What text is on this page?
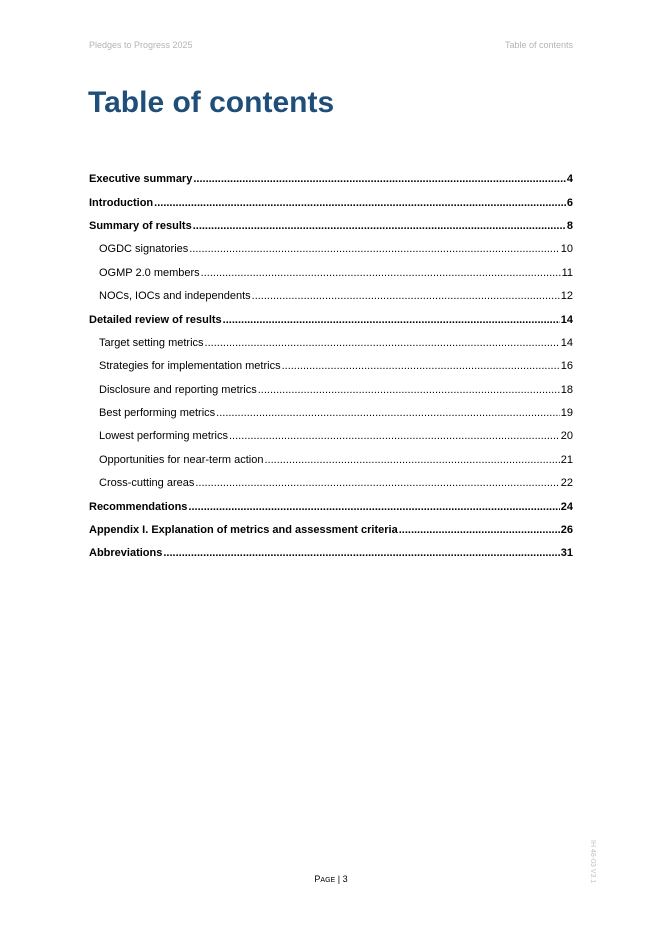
Pledges to Progress 2025	Table of contents
Table of contents
Executive summary .....	4
Introduction .....	6
Summary of results .....	8
OGDC signatories .....	10
OGMP 2.0 members .....	11
NOCs, IOCs and independents .....	12
Detailed review of results .....	14
Target setting metrics .....	14
Strategies for implementation metrics .....	16
Disclosure and reporting metrics .....	18
Best performing metrics .....	19
Lowest performing metrics .....	20
Opportunities for near-term action .....	21
Cross-cutting areas .....	22
Recommendations .....	24
Appendix I. Explanation of metrics and assessment criteria .....	26
Abbreviations .....	31
PAGE | 3	IH 48-03 V3.1
